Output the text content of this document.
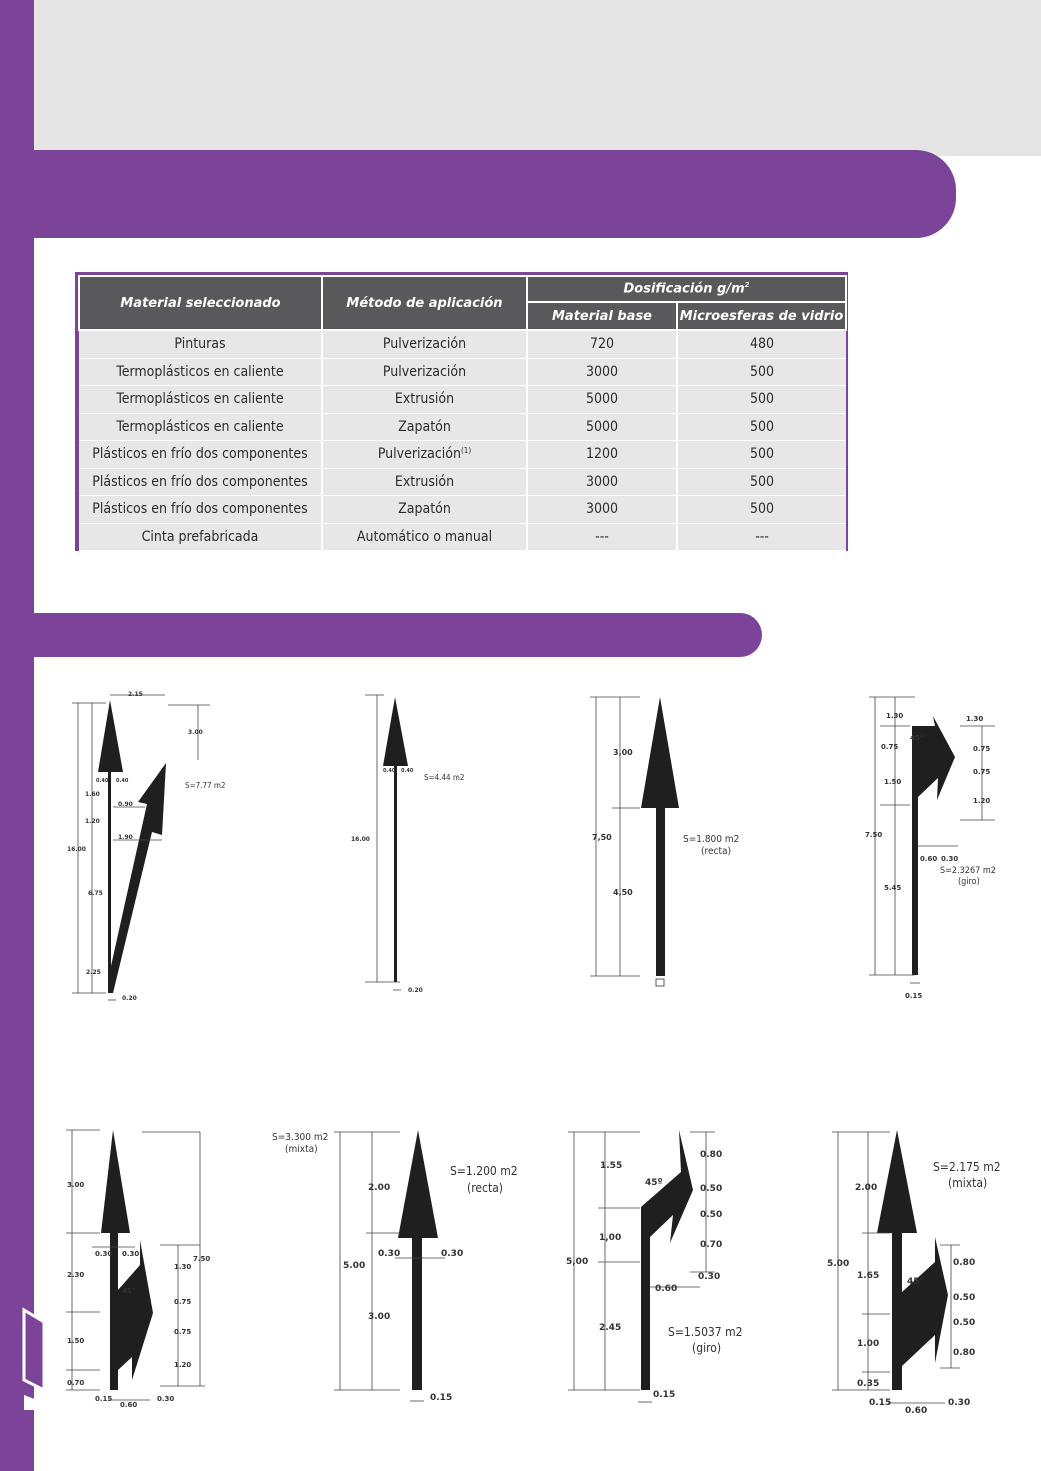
Material seleccionado	Método de aplicación	Dosificación $g/m^2$
		Material base	Microesferas de vidrio
Pinturas	Pulverización	720	480
Termoplásticos en caliente	Pulverización	3000	500
Termoplásticos en caliente	Extrusión	5000	500
Termoplásticos en caliente	Zapatón	5000	500
Plásticos en frío dos componentes	Pulverización$^{(1)}$	1200	500
Plásticos en frío dos componentes	Extrusión	3000	500
Plásticos en frío dos componentes	Zapatón	3000	500
Cinta prefabricada	Automático o manual	---	---
2.15
3.00
0.40 0.40
1.60
0.90
1.20
1.90
16.00
6.75
2.25
0.20
S=7.77 m2
0.40 0.40
16.00
0.20
S=4.44 m2
3,00
7,50
4,50
S=1.800 m2
(recta)
1.30
45°
0.75
1.50
7.50
5.45
1.30
0.75
0.75
1.20
0.60 0.30
0.15
S=2.3267 m2
(giro)
3.00
0.30 0.30
2.30
45°
1.30
7.50
0.75
1.50
0.75
1.20
0.70
0.15
0.60
0.30
2.00
0.30	0.30
5.00
3.00
0.15
S=3.300 m2
(mixta)
S=1.200 m2
(recta)
1.55
45º
0.80
0.50
0.50
1,00
0.70
5,00
0.60
0.30
2.45
0.15
S=1.5037 m2
(giro)
2.00
5.00
1.65
45°
0.80
0.50
0.50
1.00
0.80
0.35
0.15
0.60
0.30
S=2.175 m2
(mixta)
